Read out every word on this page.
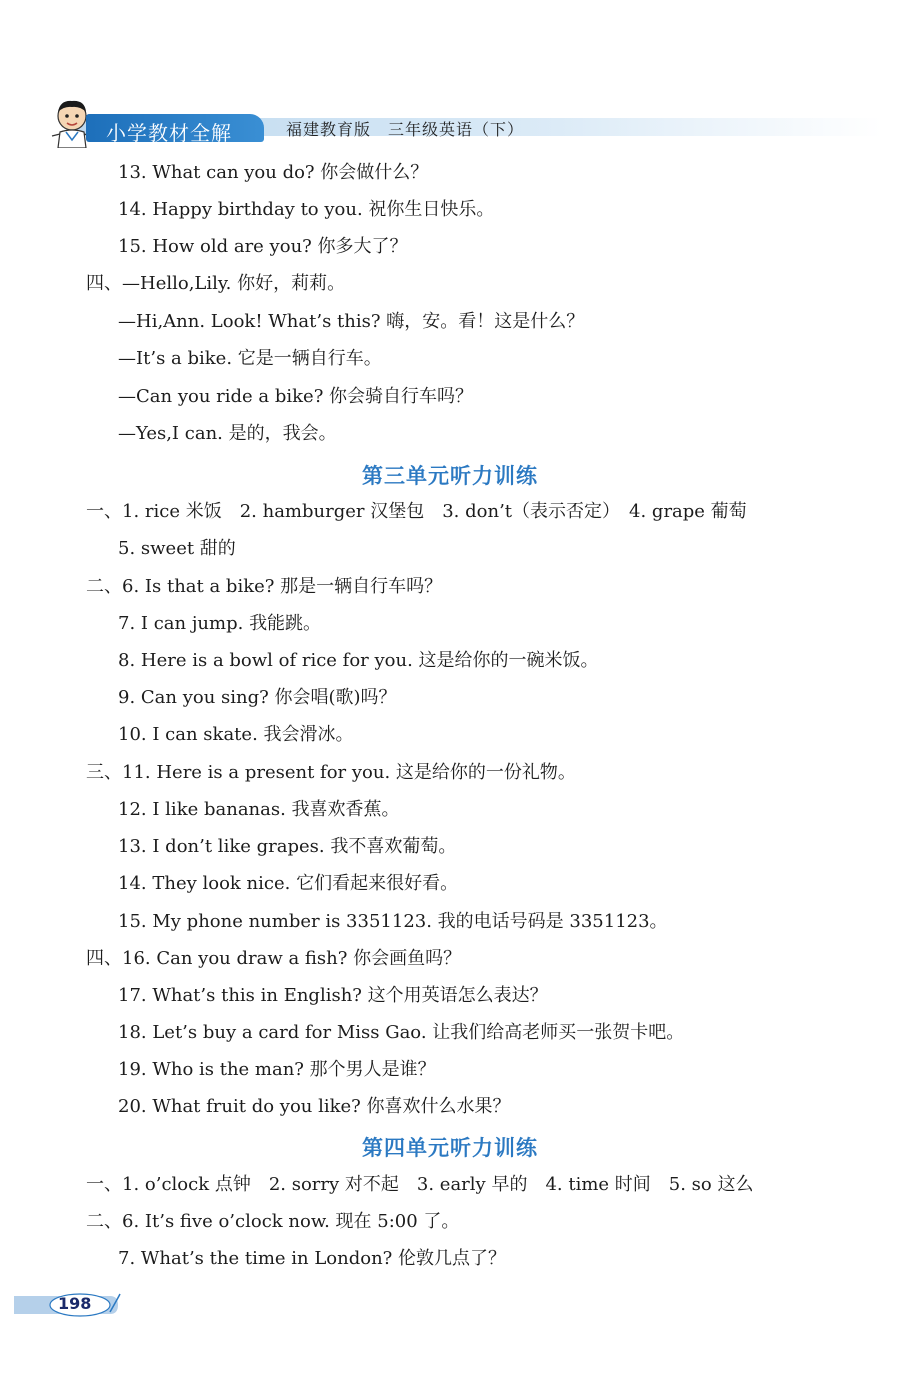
小学教材全解	福建教育版　三年级英语（下）
13. What can you do? 你会做什么？
14. Happy birthday to you. 祝你生日快乐。
15. How old are you? 你多大了？
四、—Hello,Lily. 你好，莉莉。
—Hi,Ann. Look! What’s this? 嗨，安。看！这是什么？
—It’s a bike. 它是一辆自行车。
—Can you ride a bike? 你会骑自行车吗？
—Yes,I can. 是的，我会。
第三单元听力训练
一、1. rice 米饭　2. hamburger 汉堡包　3. don’t（表示否定）　4. grape 葡萄
5. sweet 甜的
二、6. Is that a bike? 那是一辆自行车吗？
7. I can jump. 我能跳。
8. Here is a bowl of rice for you. 这是给你的一碗米饭。
9. Can you sing? 你会唱(歌)吗？
10. I can skate. 我会滑冰。
三、11. Here is a present for you. 这是给你的一份礼物。
12. I like bananas. 我喜欢香蕉。
13. I don’t like grapes. 我不喜欢葡萄。
14. They look nice. 它们看起来很好看。
15. My phone number is 3351123. 我的电话号码是 3351123。
四、16. Can you draw a fish? 你会画鱼吗？
17. What’s this in English? 这个用英语怎么表达？
18. Let’s buy a card for Miss Gao. 让我们给高老师买一张贺卡吧。
19. Who is the man? 那个男人是谁？
20. What fruit do you like? 你喜欢什么水果？
第四单元听力训练
一、1. o’clock 点钟　2. sorry 对不起　3. early 早的　4. time 时间　5. so 这么
二、6. It’s five o’clock now. 现在 5:00 了。
7. What’s the time in London? 伦敦几点了？
198
